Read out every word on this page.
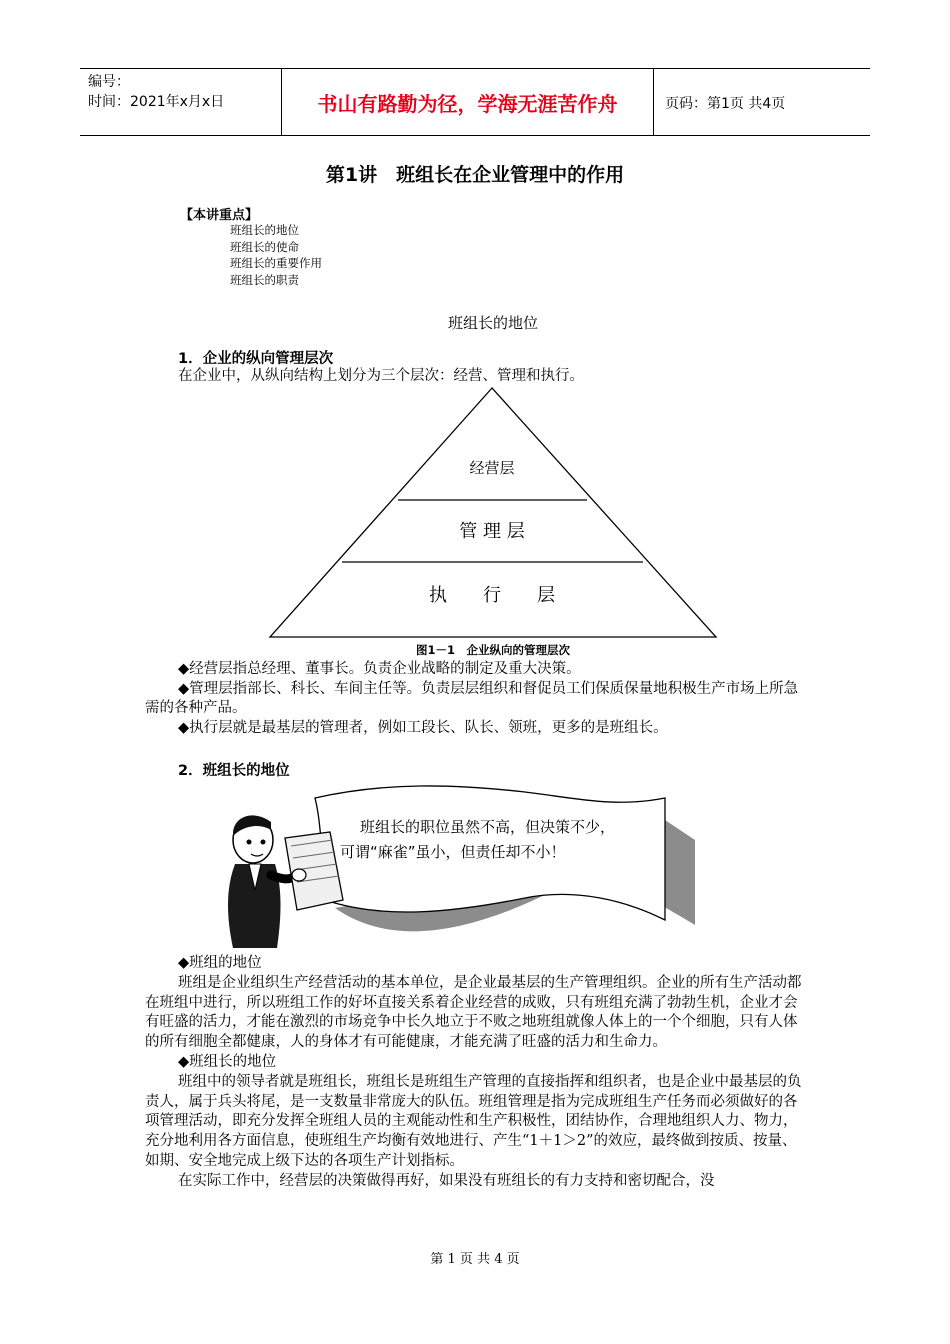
编号：
时间：2021年x月x日	书山有路勤为径，学海无涯苦作舟	页码：第1页 共4页
第1讲　班组长在企业管理中的作用
【本讲重点】
班组长的地位
班组长的使命
班组长的重要作用
班组长的职责
班组长的地位
1．企业的纵向管理层次
在企业中，从纵向结构上划分为三个层次：经营、管理和执行。
经营层
管 理 层
执　　行　　层
图1－1　企业纵向的管理层次

◆经营层指总经理、董事长。负责企业战略的制定及重大决策。

◆管理层指部长、科长、车间主任等。负责层层组织和督促员工们保质保量地积极生产市场上所急需的各种产品。

◆执行层就是最基层的管理者，例如工段长、队长、领班，更多的是班组长。

2．班组长的地位
班组长的职位虽然不高，但决策不少，
可谓“麻雀”虽小，但责任却不小！

◆班组的地位

班组是企业组织生产经营活动的基本单位，是企业最基层的生产管理组织。企业的所有生产活动都在班组中进行，所以班组工作的好坏直接关系着企业经营的成败，只有班组充满了勃勃生机，企业才会有旺盛的活力，才能在激烈的市场竞争中长久地立于不败之地班组就像人体上的一个个细胞，只有人体的所有细胞全都健康，人的身体才有可能健康，才能充满了旺盛的活力和生命力。

◆班组长的地位

班组中的领导者就是班组长，班组长是班组生产管理的直接指挥和组织者，也是企业中最基层的负责人，属于兵头将尾，是一支数量非常庞大的队伍。班组管理是指为完成班组生产任务而必须做好的各项管理活动，即充分发挥全班组人员的主观能动性和生产积极性，团结协作，合理地组织人力、物力，充分地利用各方面信息，使班组生产均衡有效地进行、产生“1＋1＞2”的效应，最终做到按质、按量、如期、安全地完成上级下达的各项生产计划指标。

在实际工作中，经营层的决策做得再好，如果没有班组长的有力支持和密切配合，没

第 1 页 共 4 页
